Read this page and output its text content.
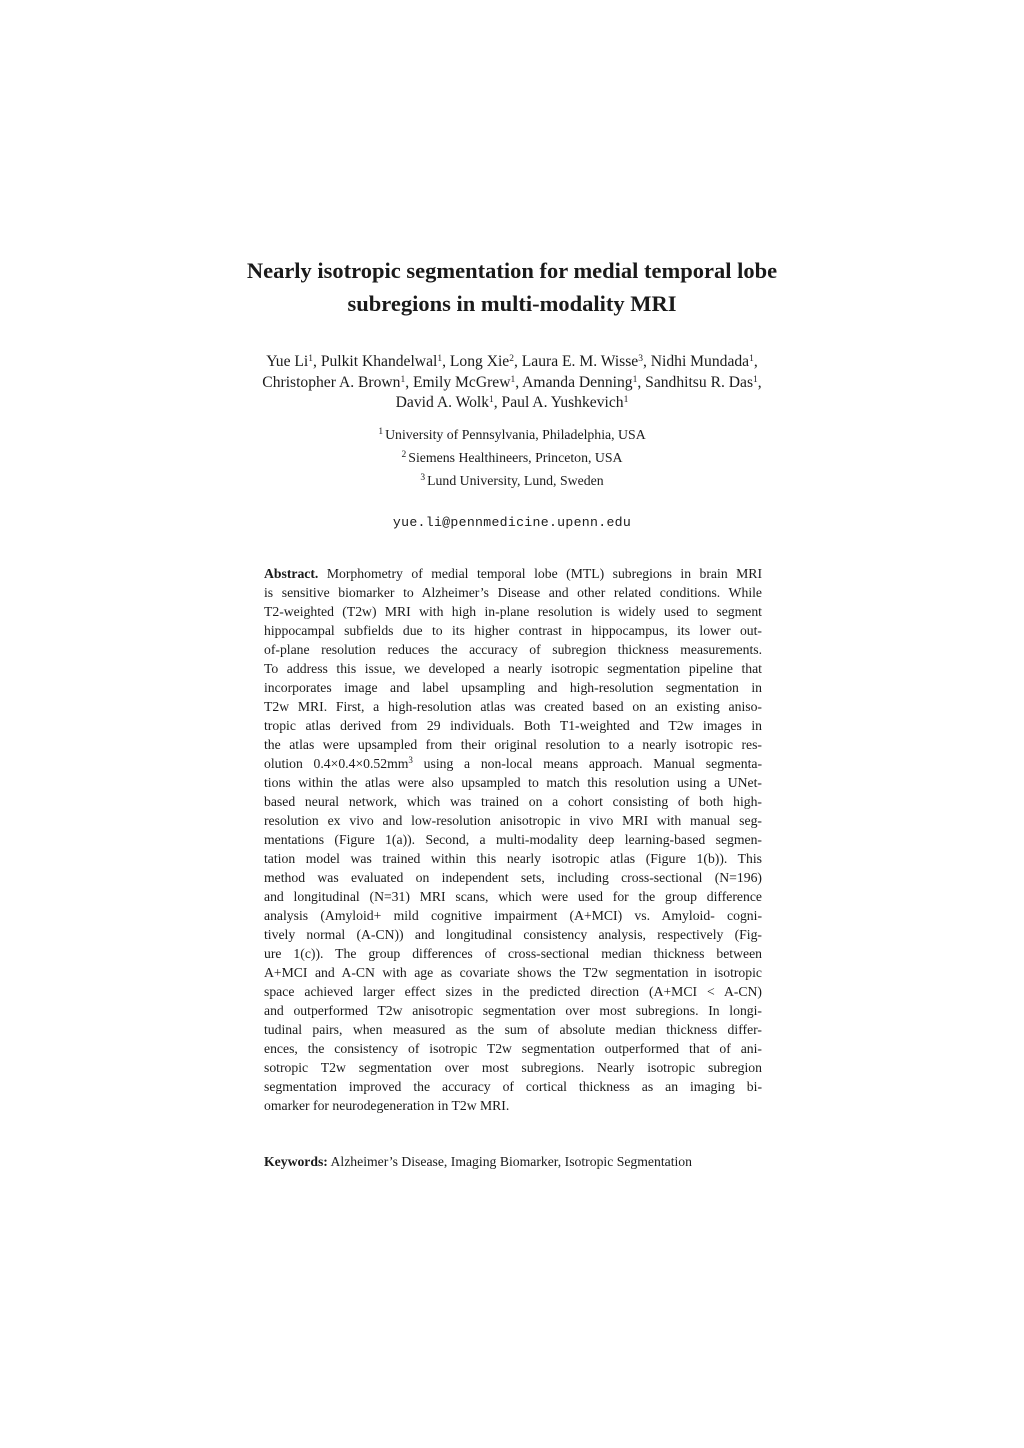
Nearly isotropic segmentation for medial temporal lobe
subregions in multi-modality MRI
Yue Li$^1$, Pulkit Khandelwal$^1$, Long Xie$^2$, Laura E. M. Wisse$^3$, Nidhi Mundada$^1$,
Christopher A. Brown$^1$, Emily McGrew$^1$, Amanda Denning$^1$, Sandhitsu R. Das$^1$,
David A. Wolk$^1$, Paul A. Yushkevich$^1$
$^1$ University of Pennsylvania, Philadelphia, USA
$^2$ Siemens Healthineers, Princeton, USA
$^3$ Lund University, Lund, Sweden
yue.li@pennmedicine.upenn.edu
Abstract. Morphometry of medial temporal lobe (MTL) subregions in brain MRI
is sensitive biomarker to Alzheimer’s Disease and other related conditions. While
T2-weighted (T2w) MRI with high in-plane resolution is widely used to segment
hippocampal subfields due to its higher contrast in hippocampus, its lower out-
of-plane resolution reduces the accuracy of subregion thickness measurements.
To address this issue, we developed a nearly isotropic segmentation pipeline that
incorporates image and label upsampling and high-resolution segmentation in
T2w MRI. First, a high-resolution atlas was created based on an existing aniso-
tropic atlas derived from 29 individuals. Both T1-weighted and T2w images in
the atlas were upsampled from their original resolution to a nearly isotropic res-
olution $0.4\times 0.4\times 0.52mm^3$ using a non-local means approach. Manual segmenta-
tions within the atlas were also upsampled to match this resolution using a UNet-
based neural network, which was trained on a cohort consisting of both high-
resolution ex vivo and low-resolution anisotropic in vivo MRI with manual seg-
mentations (Figure 1(a)). Second, a multi-modality deep learning-based segmen-
tation model was trained within this nearly isotropic atlas (Figure 1(b)). This
method was evaluated on independent sets, including cross-sectional (N=196)
and longitudinal (N=31) MRI scans, which were used for the group difference
analysis (Amyloid+ mild cognitive impairment (A+MCI) vs. Amyloid- cogni-
tively normal (A-CN)) and longitudinal consistency analysis, respectively (Fig-
ure 1(c)). The group differences of cross-sectional median thickness between
A+MCI and A-CN with age as covariate shows the T2w segmentation in isotropic
space achieved larger effect sizes in the predicted direction (A+MCI < A-CN)
and outperformed T2w anisotropic segmentation over most subregions. In longi-
tudinal pairs, when measured as the sum of absolute median thickness differ-
ences, the consistency of isotropic T2w segmentation outperformed that of ani-
sotropic T2w segmentation over most subregions. Nearly isotropic subregion
segmentation improved the accuracy of cortical thickness as an imaging bi-
omarker for neurodegeneration in T2w MRI.
Keywords: Alzheimer’s Disease, Imaging Biomarker, Isotropic Segmentation
